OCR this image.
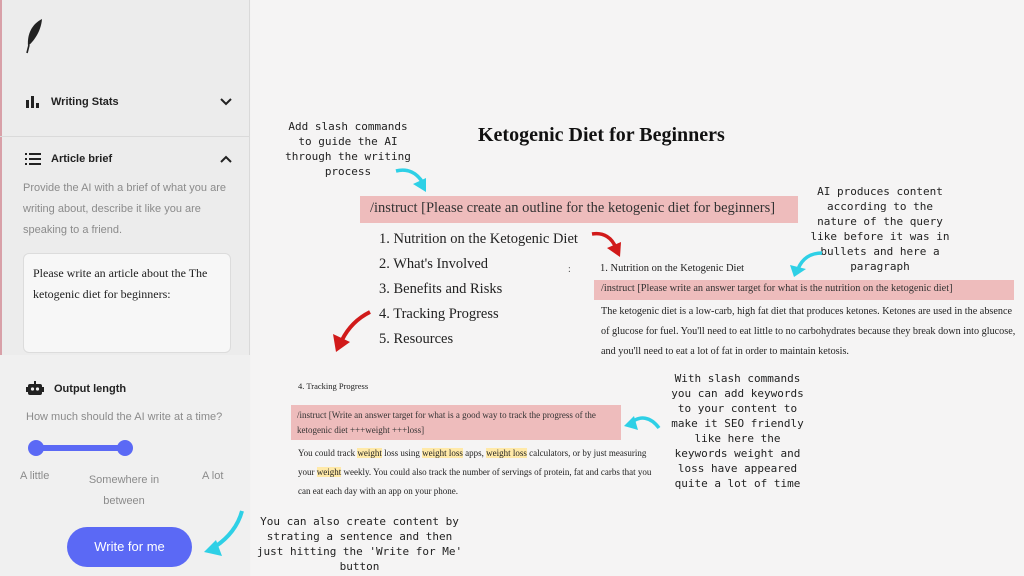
Writing Stats
Article brief
Provide the AI with a brief of what you are writing about, describe it like you are speaking to a friend.
Please write an article about the The ketogenic diet for beginners:
Output length
How much should the AI write at a time?
A little	Somewhere in between
A lot
Write for me
Ketogenic Diet for Beginners
/instruct [Please create an outline for the ketogenic diet for beginners]
1. Nutrition on the Ketogenic Diet
2. What's Involved
3. Benefits and Risks
4. Tracking Progress
5. Resources
:	1. Nutrition on the Ketogenic Diet
/instruct [Please write an answer target for what is the nutrition on the ketogenic diet]
The ketogenic diet is a low-carb, high fat diet that produces ketones. Ketones are used in the absence of glucose for fuel. You'll need to eat little to no carbohydrates because they break down into glucose, and you'll need to eat a lot of fat in order to maintain ketosis.
4. Tracking Progress
/instruct [Write an answer target for what is a good way to track the progress of the ketogenic diet +++weight +++loss]
You could track weight loss using weight loss apps, weight loss calculators, or by just measuring your weight weekly. You could also track the number of servings of protein, fat and carbs that you can eat each day with an app on your phone.
Add slash commands to guide the AI through the writing process
AI produces content according to the nature of the query like before it was in bullets and here a paragraph
With slash commands you can add keywords to your content to make it SEO friendly like here the keywords weight and loss have appeared quite a lot of time
You can also create content by strating a sentence and then just hitting the 'Write for Me' button
